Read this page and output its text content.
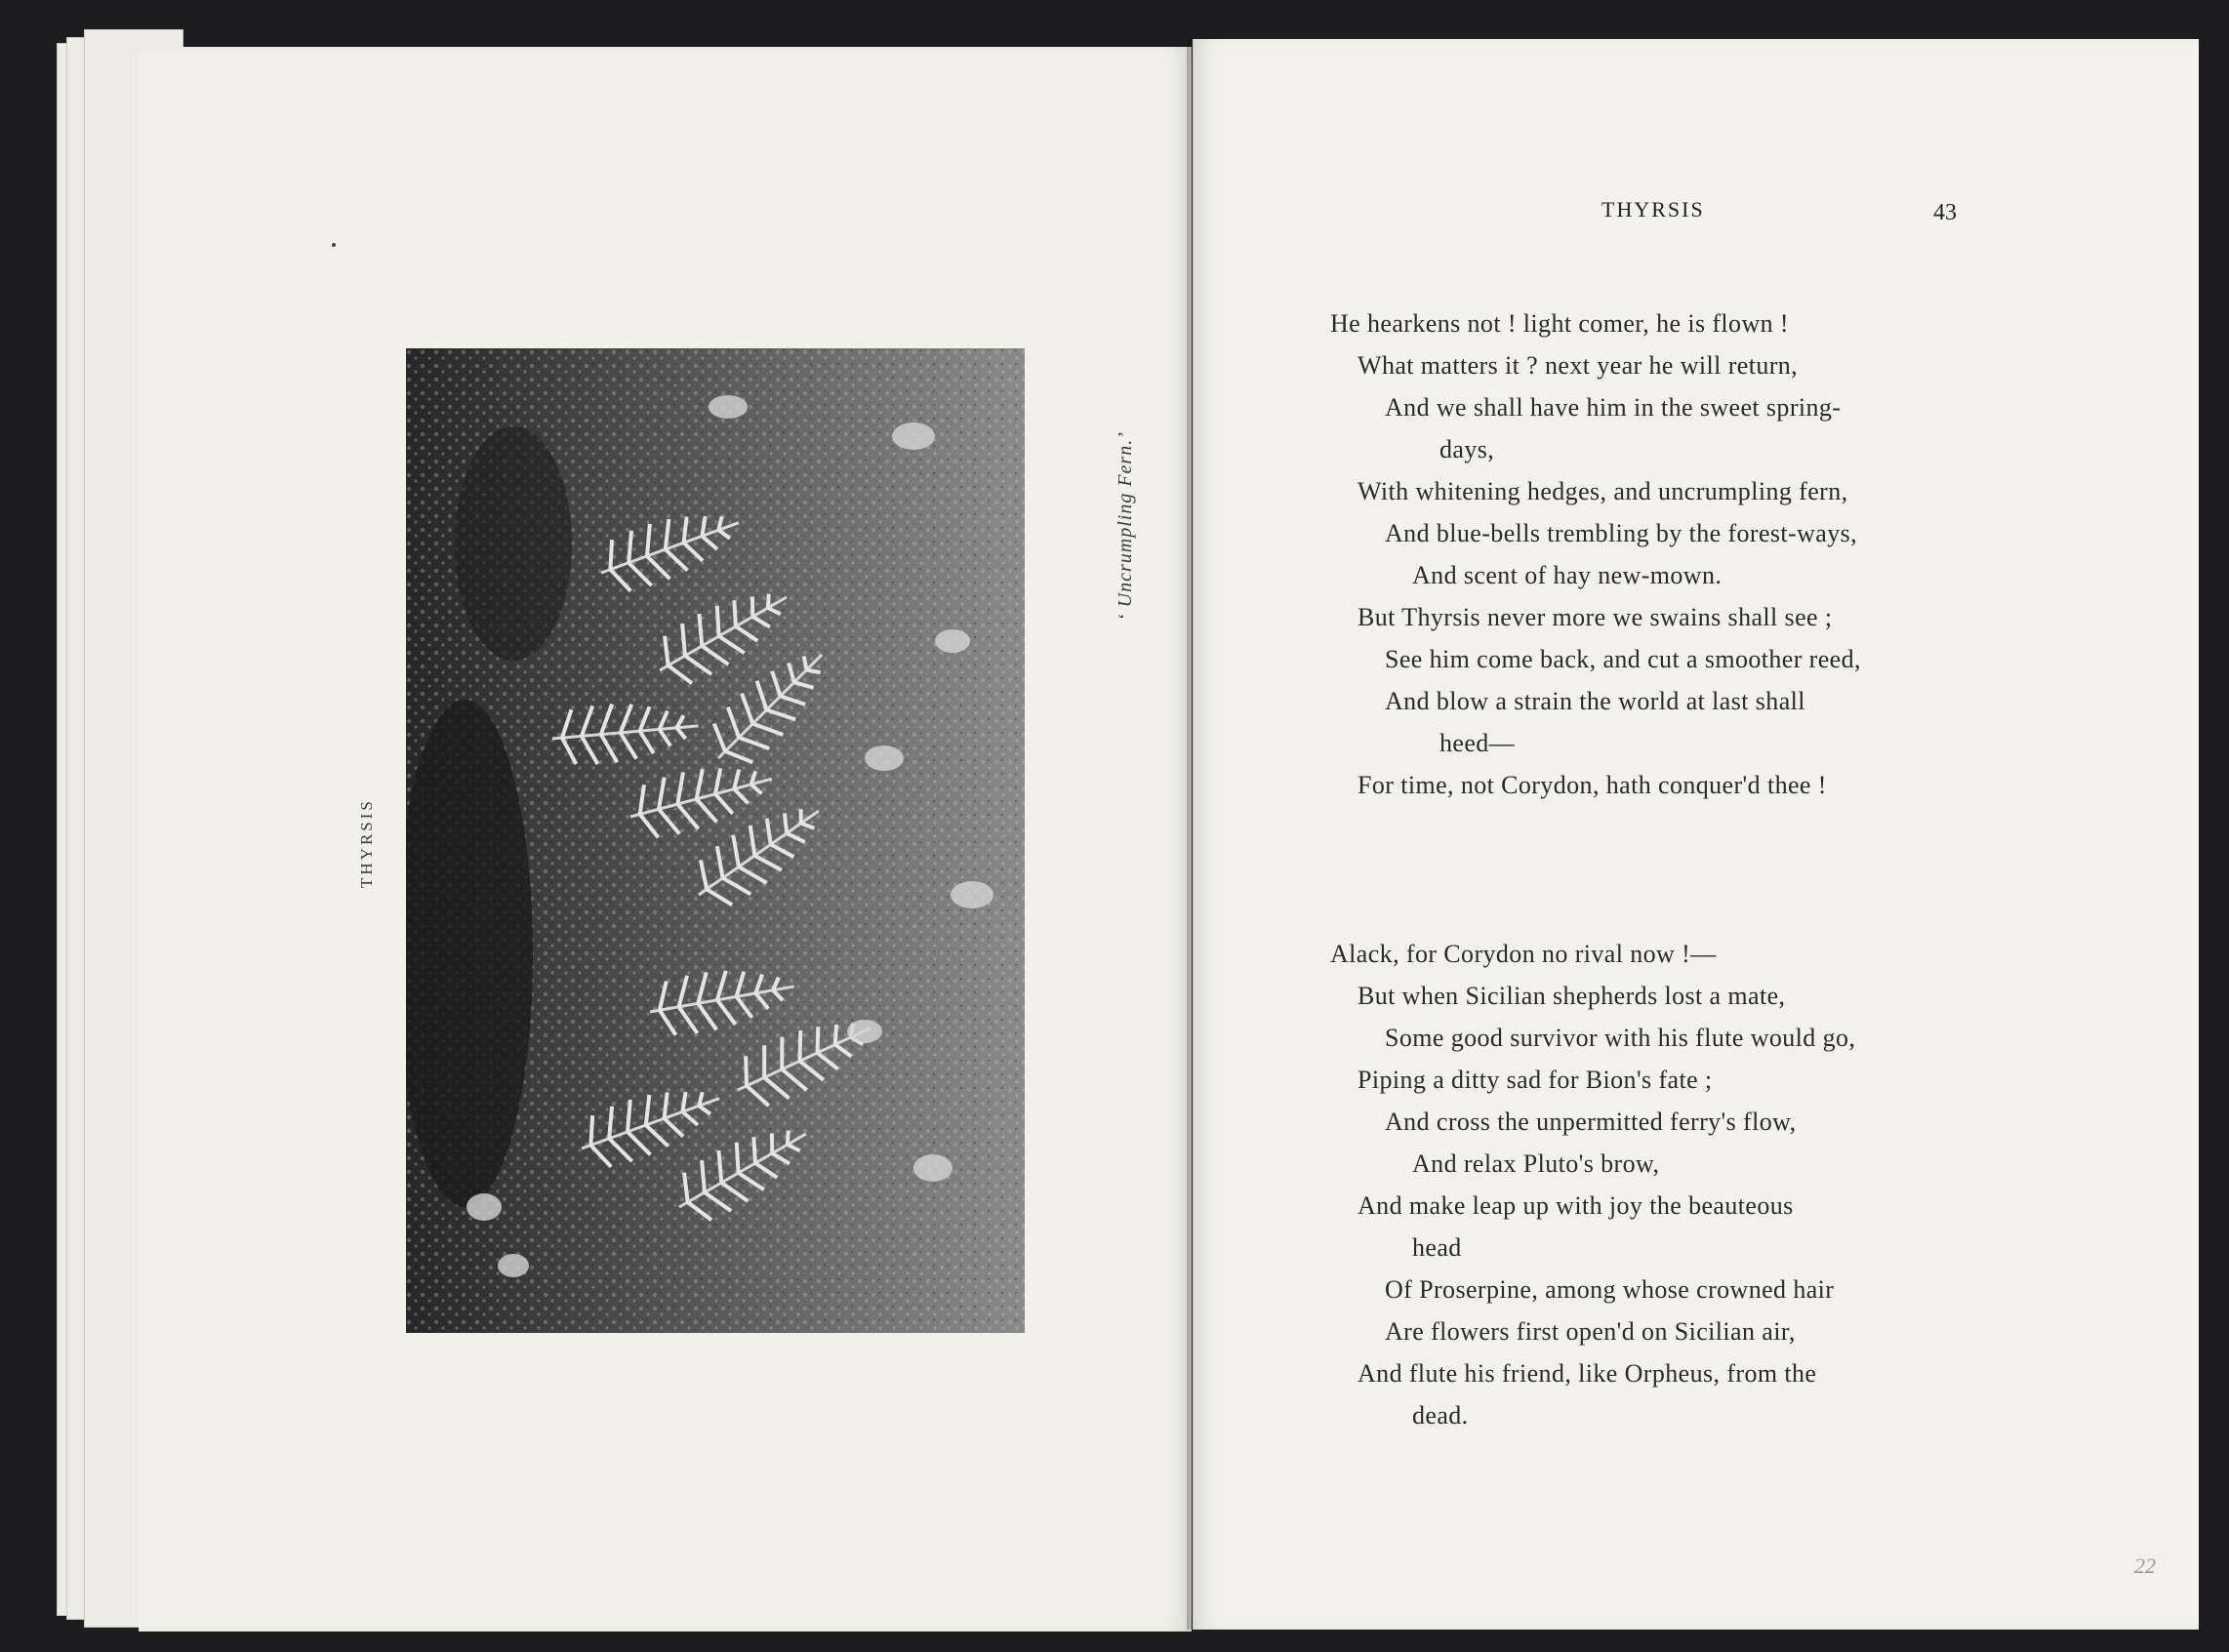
THYRSIS
‘ Uncrumpling Fern.’
THYRSIS	43
He hearkens not ! light comer, he is flown !
What matters it ? next year he will return,
And we shall have him in the sweet spring-
days,
With whitening hedges, and uncrumpling fern,
And blue-bells trembling by the forest-ways,
And scent of hay new-mown.
But Thyrsis never more we swains shall see ;
See him come back, and cut a smoother reed,
And blow a strain the world at last shall
heed—
For time, not Corydon, hath conquer'd thee !
Alack, for Corydon no rival now !—
But when Sicilian shepherds lost a mate,
Some good survivor with his flute would go,
Piping a ditty sad for Bion's fate ;
And cross the unpermitted ferry's flow,
And relax Pluto's brow,
And make leap up with joy the beauteous
head
Of Proserpine, among whose crowned hair
Are flowers first open'd on Sicilian air,
And flute his friend, like Orpheus, from the
dead.
22
